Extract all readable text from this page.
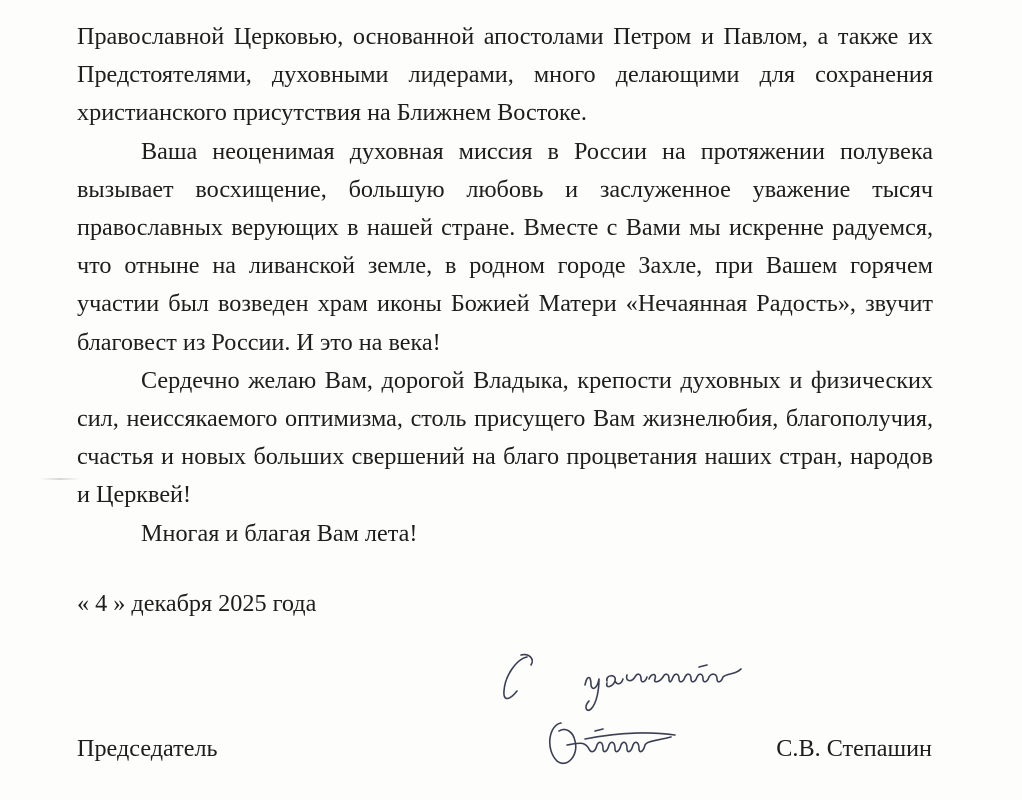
Православной Церковью, основанной апостолами Петром и Павлом, а также их Предстоятелями, духовными лидерами, много делающими для сохранения христианского присутствия на Ближнем Востоке.

Ваша неоценимая духовная миссия в России на протяжении полувека вызывает восхищение, большую любовь и заслуженное уважение тысяч православных верующих в нашей стране. Вместе с Вами мы искренне радуемся, что отныне на ливанской земле, в родном городе Захле, при Вашем горячем участии был возведен храм иконы Божией Матери «Нечаянная Радость», звучит благовест из России. И это на века!

Сердечно желаю Вам, дорогой Владыка, крепости духовных и физических сил, неиссякаемого оптимизма, столь присущего Вам жизнелюбия, благополучия, счастья и новых больших свершений на благо процветания наших стран, народов и Церквей!

Многая и благая Вам лета!

« 4 » декабря 2025 года
Председатель	С.В. Степашин
